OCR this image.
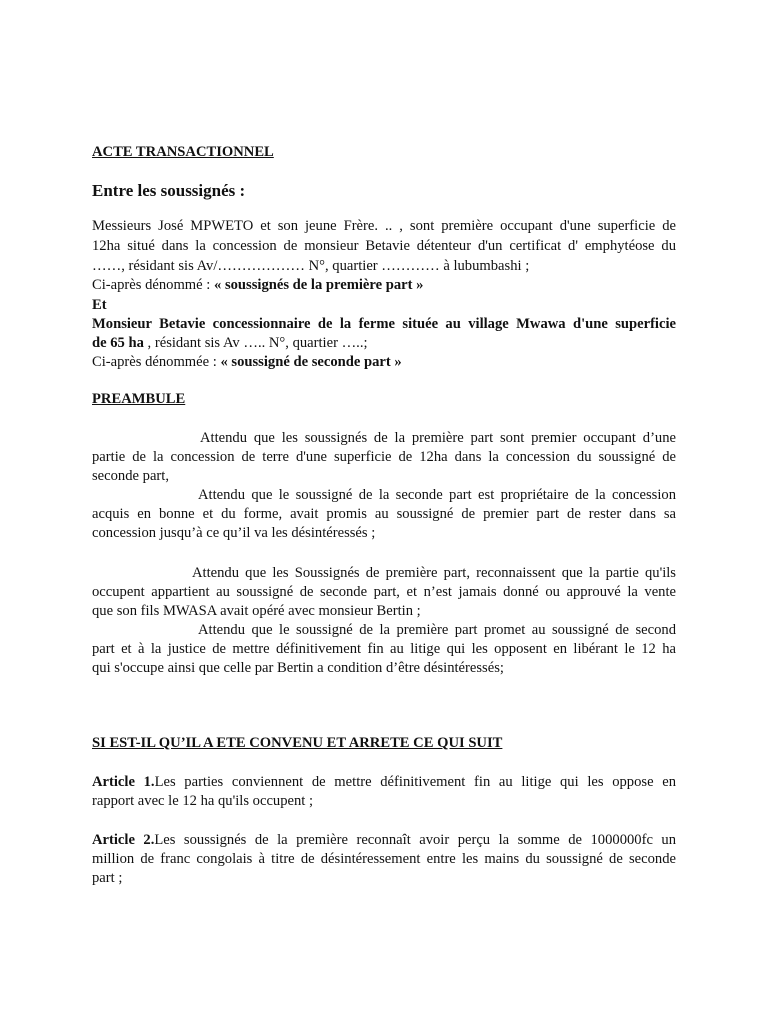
ACTE TRANSACTIONNEL
Entre les soussignés :
Messieurs José MPWETO et son jeune Frère. .. , sont première occupant d'une superficie de
12ha situé dans la concession de monsieur Betavie détenteur d'un certificat d' emphytéose du
……, résidant sis Av/……………… N°, quartier ………… à lubumbashi ;
Ci-après dénommé : « soussignés de la première part »
Et
Monsieur Betavie concessionnaire de la ferme située au village Mwawa d'une superficie
de 65 ha , résidant sis Av ….. N°, quartier …..;
Ci-après dénommée : « soussigné de seconde part »
PREAMBULE
Attendu que les soussignés de la première part sont premier occupant d’une
partie de la concession de terre d'une superficie de 12ha dans la concession du soussigné de
seconde part,
Attendu que le soussigné de la seconde part est propriétaire de la concession
acquis en bonne et du forme, avait promis au soussigné de premier part de rester dans sa
concession jusqu’à ce qu’il va les désintéressés ;
Attendu que les Soussignés de première part, reconnaissent que la partie qu'ils
occupent appartient au soussigné de seconde part, et n’est jamais donné ou approuvé la vente
que son fils MWASA avait opéré avec monsieur Bertin ;
Attendu que le soussigné de la première part promet au soussigné de second
part et à la justice de mettre définitivement fin au litige qui les opposent en libérant le 12 ha
qui s'occupe ainsi que celle par Bertin a condition d’être désintéressés;
SI EST-IL QU’IL A ETE CONVENU ET ARRETE CE QUI SUIT
Article 1.Les parties conviennent de mettre définitivement fin au litige qui les oppose en
rapport avec le 12 ha qu'ils occupent ;
Article 2.Les soussignés de la première reconnaît avoir perçu la somme de 1000000fc un
million de franc congolais à titre de désintéressement entre les mains du soussigné de seconde
part ;
